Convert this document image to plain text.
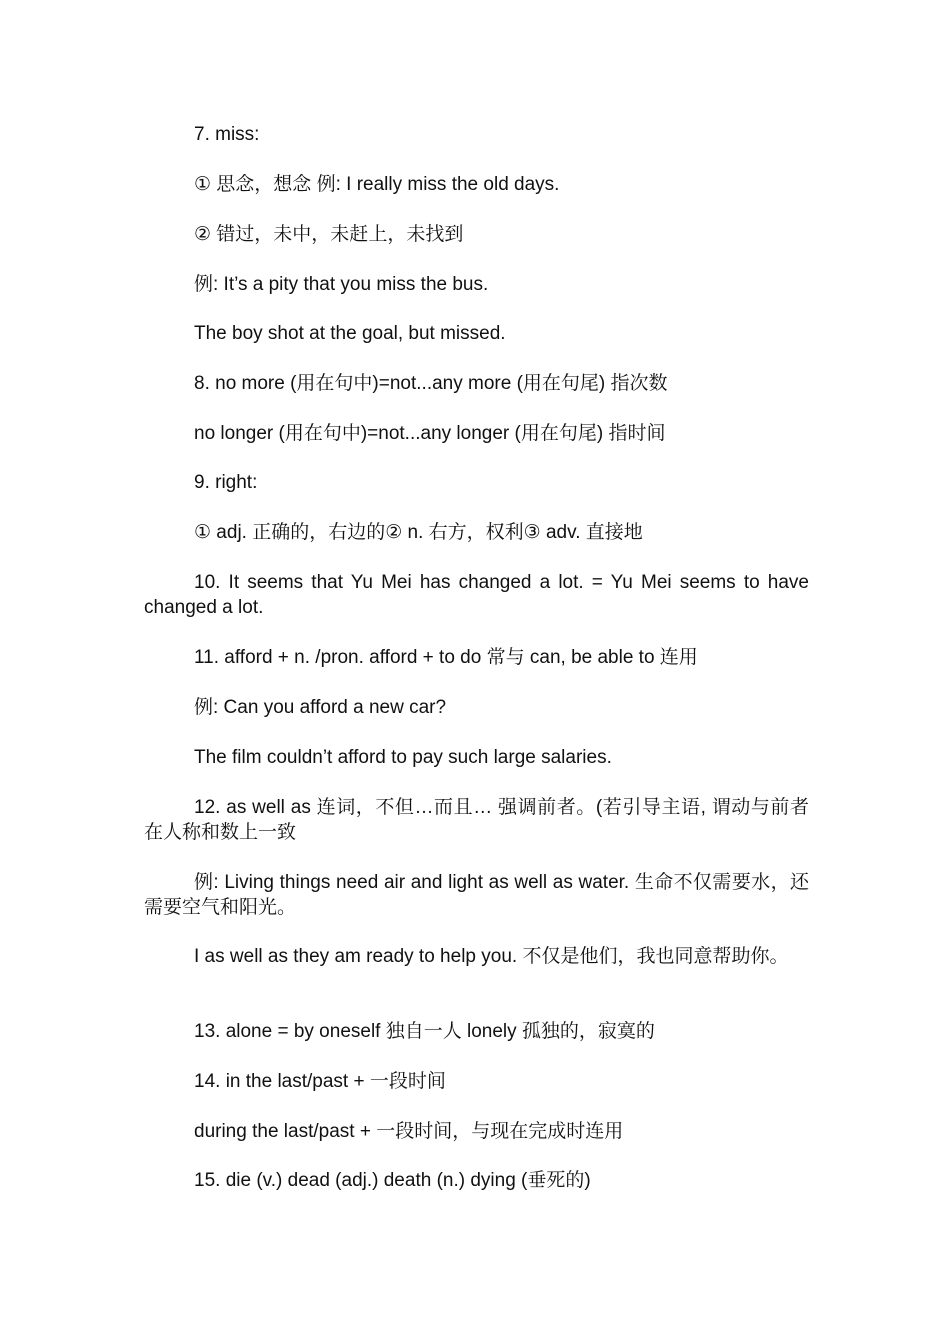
7. miss:
① 思念，想念 例: I really miss the old days.
② 错过，未中，未赶上，未找到
例: It’s a pity that you miss the bus.
The boy shot at the goal, but missed.
8. no more (用在句中)=not...any more (用在句尾) 指次数
no longer (用在句中)=not...any longer (用在句尾) 指时间
9. right:
① adj. 正确的，右边的② n. 右方，权利③ adv. 直接地
10. It seems that Yu Mei has changed a lot. = Yu Mei seems to have changed a lot.
11. afford + n. /pron. afford + to do 常与 can, be able to 连用
例: Can you afford a new car?
The film couldn’t afford to pay such large salaries.
12. as well as 连词，不但…而且… 强调前者。(若引导主语, 谓动与前者在人称和数上一致
例: Living things need air and light as well as water. 生命不仅需要水，还需要空气和阳光。
I as well as they am ready to help you. 不仅是他们，我也同意帮助你。
13. alone = by oneself 独自一人 lonely 孤独的，寂寞的
14. in the last/past + 一段时间
during the last/past + 一段时间，与现在完成时连用
15. die (v.) dead (adj.) death (n.) dying (垂死的)
